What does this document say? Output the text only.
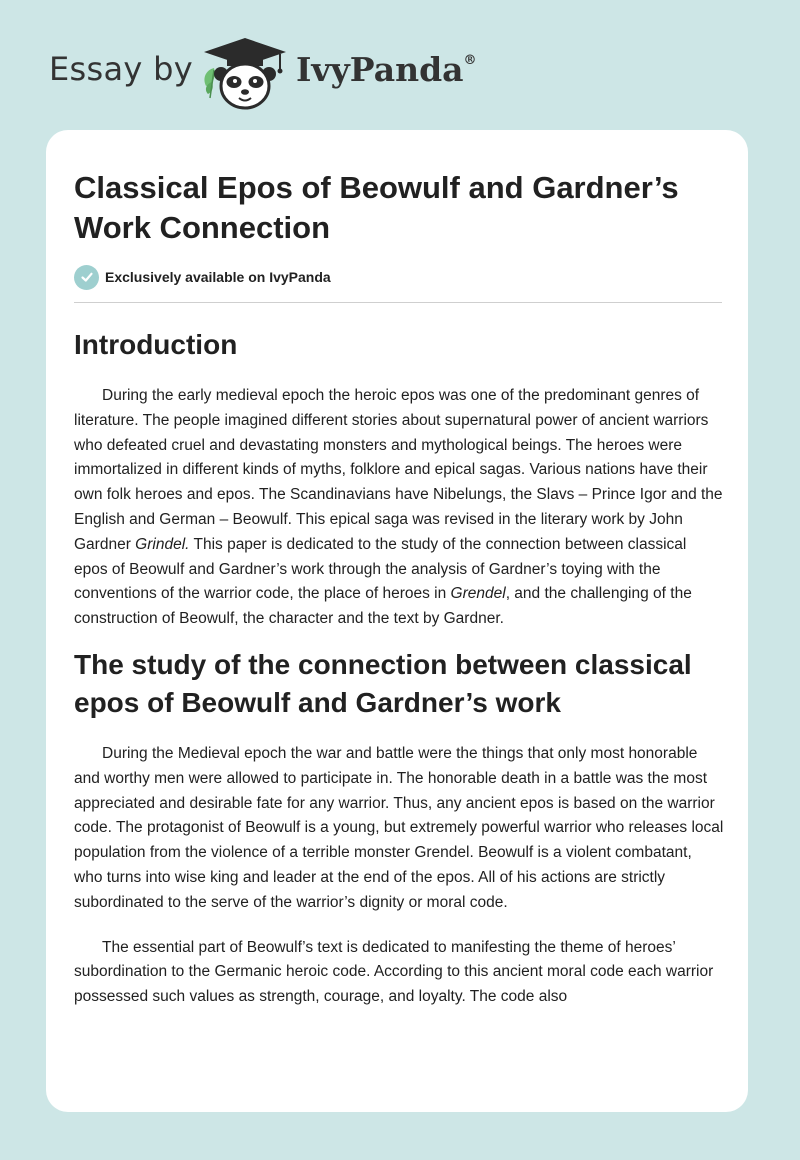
Essay by	IvyPanda®
Classical Epos of Beowulf and Gardner’s Work Connection
Exclusively available on IvyPanda
Introduction

During the early medieval epoch the heroic epos was one of the predominant genres of literature. The people imagined different stories about supernatural power of ancient warriors who defeated cruel and devastating monsters and mythological beings. The heroes were immortalized in different kinds of myths, folklore and epical sagas. Various nations have their own folk heroes and epos. The Scandinavians have Nibelungs, the Slavs – Prince Igor and the English and German – Beowulf. This epical saga was revised in the literary work by John Gardner Grindel. This paper is dedicated to the study of the connection between classical epos of Beowulf and Gardner’s work through the analysis of Gardner’s toying with the conventions of the warrior code, the place of heroes in Grendel, and the challenging of the construction of Beowulf, the character and the text by Gardner.

The study of the connection between classical epos of Beowulf and Gardner’s work

During the Medieval epoch the war and battle were the things that only most honorable and worthy men were allowed to participate in. The honorable death in a battle was the most appreciated and desirable fate for any warrior. Thus, any ancient epos is based on the warrior code. The protagonist of Beowulf is a young, but extremely powerful warrior who releases local population from the violence of a terrible monster Grendel. Beowulf is a violent combatant, who turns into wise king and leader at the end of the epos. All of his actions are strictly subordinated to the serve of the warrior’s dignity or moral code.

The essential part of Beowulf’s text is dedicated to manifesting the theme of heroes’ subordination to the Germanic heroic code. According to this ancient moral code each warrior possessed such values as strength, courage, and loyalty. The code also
